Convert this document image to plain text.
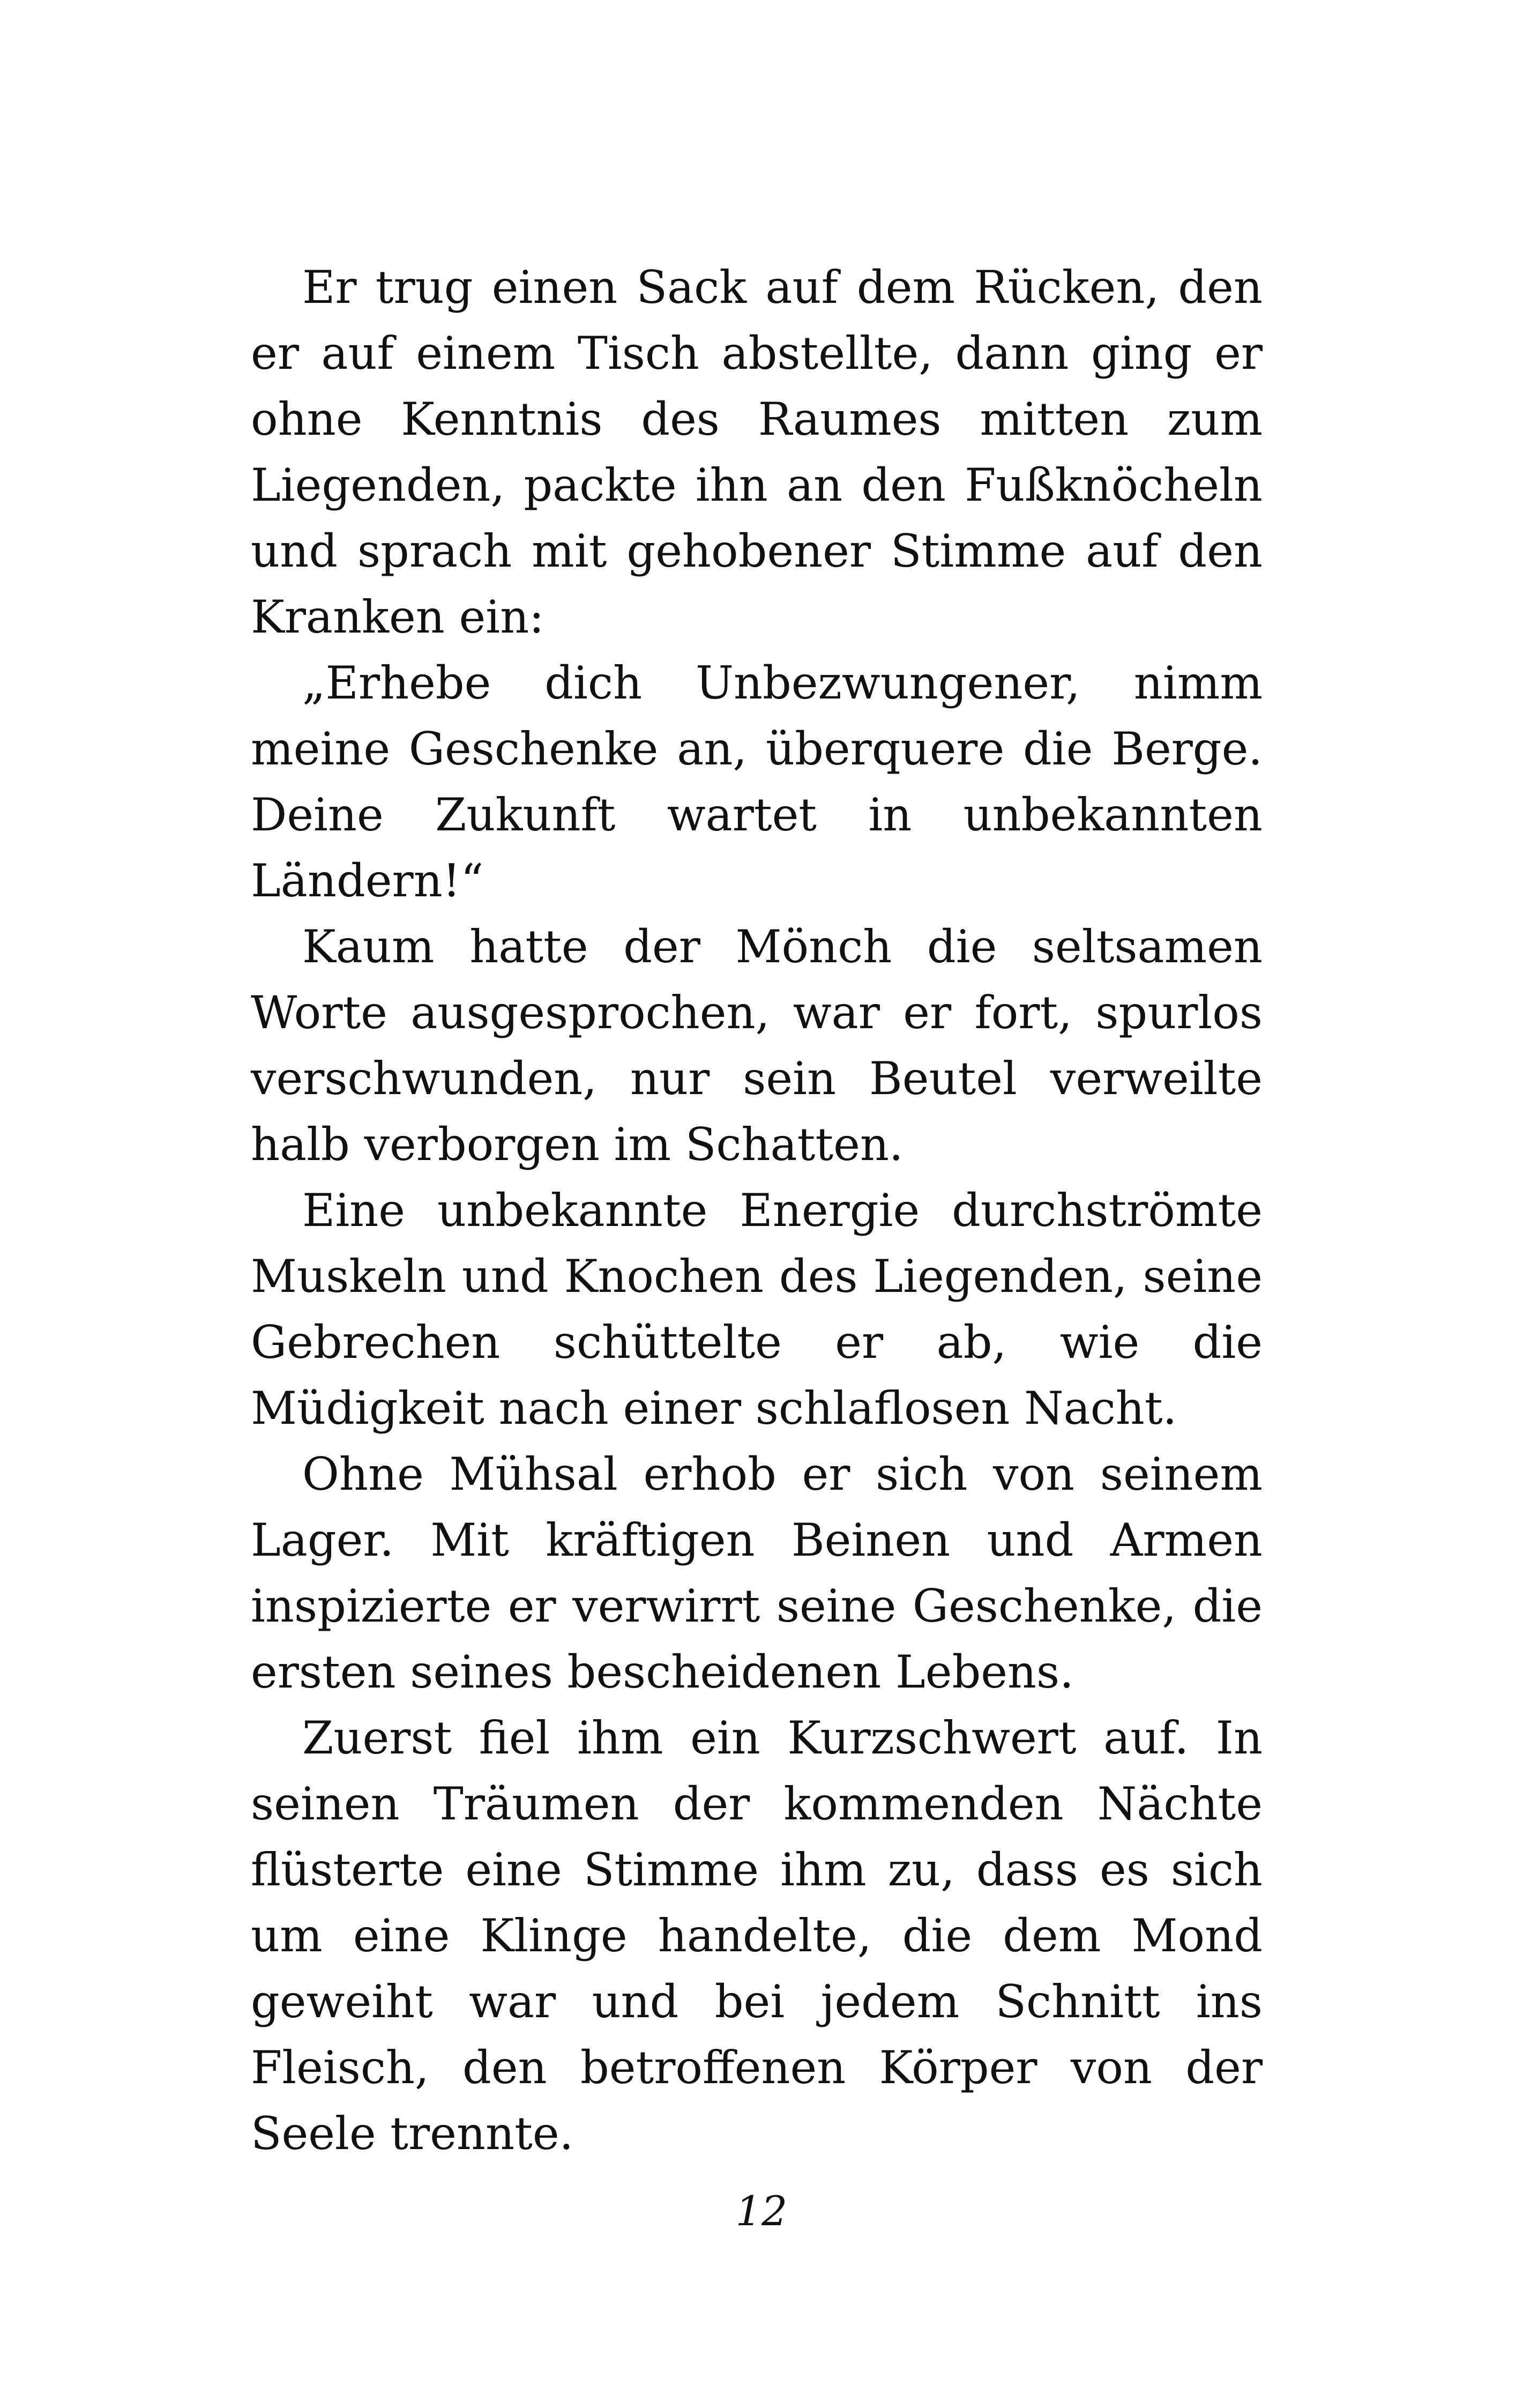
Er trug einen Sack auf dem Rücken, den er auf einem Tisch abstellte, dann ging er ohne Kenntnis des Raumes mitten zum Liegenden, packte ihn an den Fußknöcheln und sprach mit gehobener Stimme auf den Kranken ein:

„Erhebe dich Unbezwungener, nimm meine Geschenke an, überquere die Berge. Deine Zukunft wartet in unbekannten Ländern!“

Kaum hatte der Mönch die seltsamen Worte ausgesprochen, war er fort, spurlos verschwunden, nur sein Beutel verweilte halb verborgen im Schatten.

Eine unbekannte Energie durchströmte Muskeln und Knochen des Liegenden, seine Gebrechen schüttelte er ab, wie die Müdigkeit nach einer schlaflosen Nacht.

Ohne Mühsal erhob er sich von seinem Lager. Mit kräftigen Beinen und Armen inspizierte er verwirrt seine Geschenke, die ersten seines bescheidenen Lebens.

Zuerst fiel ihm ein Kurzschwert auf. In seinen Träumen der kommenden Nächte flüsterte eine Stimme ihm zu, dass es sich um eine Klinge handelte, die dem Mond geweiht war und bei jedem Schnitt ins Fleisch, den betroffenen Körper von der Seele trennte.

12
